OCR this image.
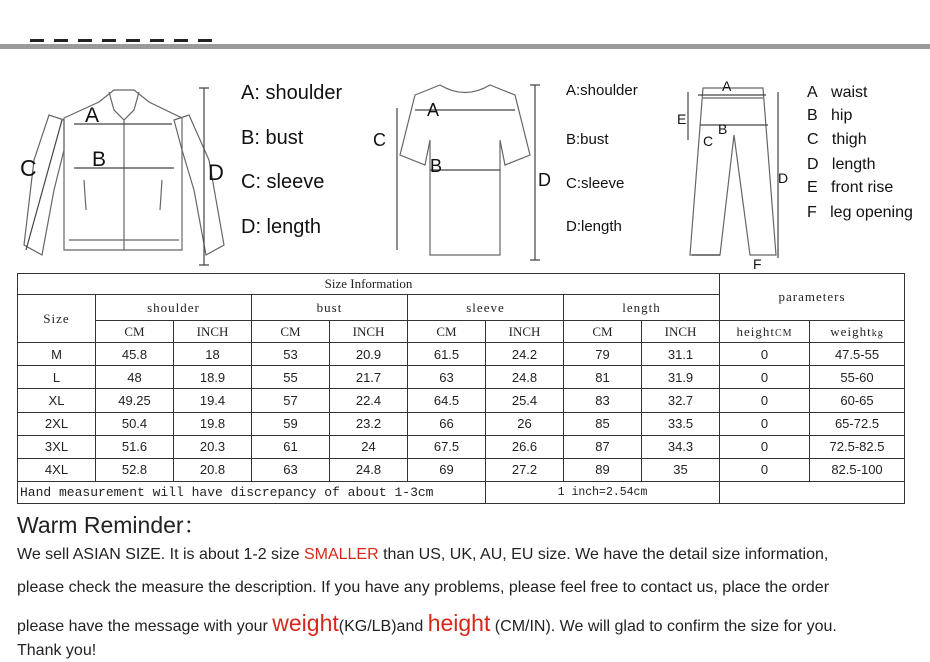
A
B
C	D
A: shoulder
B: bust
C: sleeve
D: length
A
B
C
D
A:shoulder
B:bust
C:sleeve
D:length
A
B
C
D
E
F
A waist
B hip
C thigh
D length
E front rise
F leg opening
Size Information									parameters	
Size	shoulder		bust		sleeve		length			
	CM	INCH	CM	INCH	CM	INCH	CM	INCH	heightCM	weightkg
M	45.8	18	53	20.9	61.5	24.2	79	31.1	0	47.5-55
L	48	18.9	55	21.7	63	24.8	81	31.9	0	55-60
XL	49.25	19.4	57	22.4	64.5	25.4	83	32.7	0	60-65
2XL	50.4	19.8	59	23.2	66	26	85	33.5	0	65-72.5
3XL	51.6	20.3	61	24	67.5	26.6	87	34.3	0	72.5-82.5
4XL	52.8	20.8	63	24.8	69	27.2	89	35	0	82.5-100
Hand measurement will have discrepancy of about 1-3cm						1 inch=2.54cm				
Warm Reminder：
We sell ASIAN SIZE. It is about 1-2 size SMALLER than US, UK, AU, EU size. We have the detail size information,
please check the measure the description. If you have any problems, please feel free to contact us, place the order
please have the message with your weight(KG/LB)and height (CM/IN). We will glad to confirm the size for you.
Thank you!
